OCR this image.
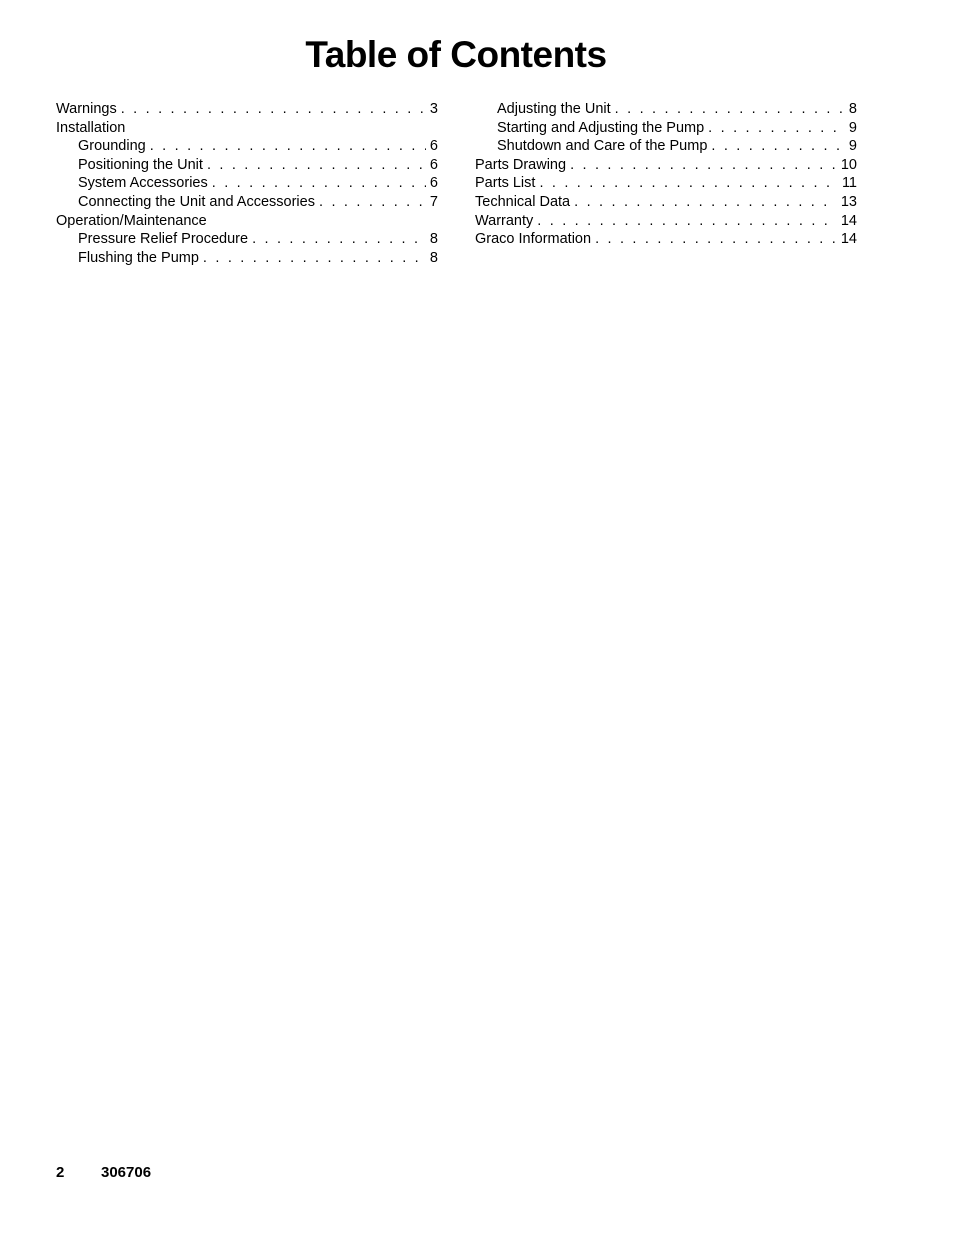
Table of Contents
Warnings . . .	3
Installation
Grounding . . .	6
Positioning the Unit . . .	6
System Accessories . . .	6
Connecting the Unit and Accessories . . .	7
Operation/Maintenance
Pressure Relief Procedure . . .	8
Flushing the Pump . . .	8
Adjusting the Unit . . .	8
Starting and Adjusting the Pump . . .	9
Shutdown and Care of the Pump . . .	9
Parts Drawing . . .	10
Parts List . . .	11
Technical Data . . .	13
Warranty . . .	14
Graco Information . . .	14
2 306706
